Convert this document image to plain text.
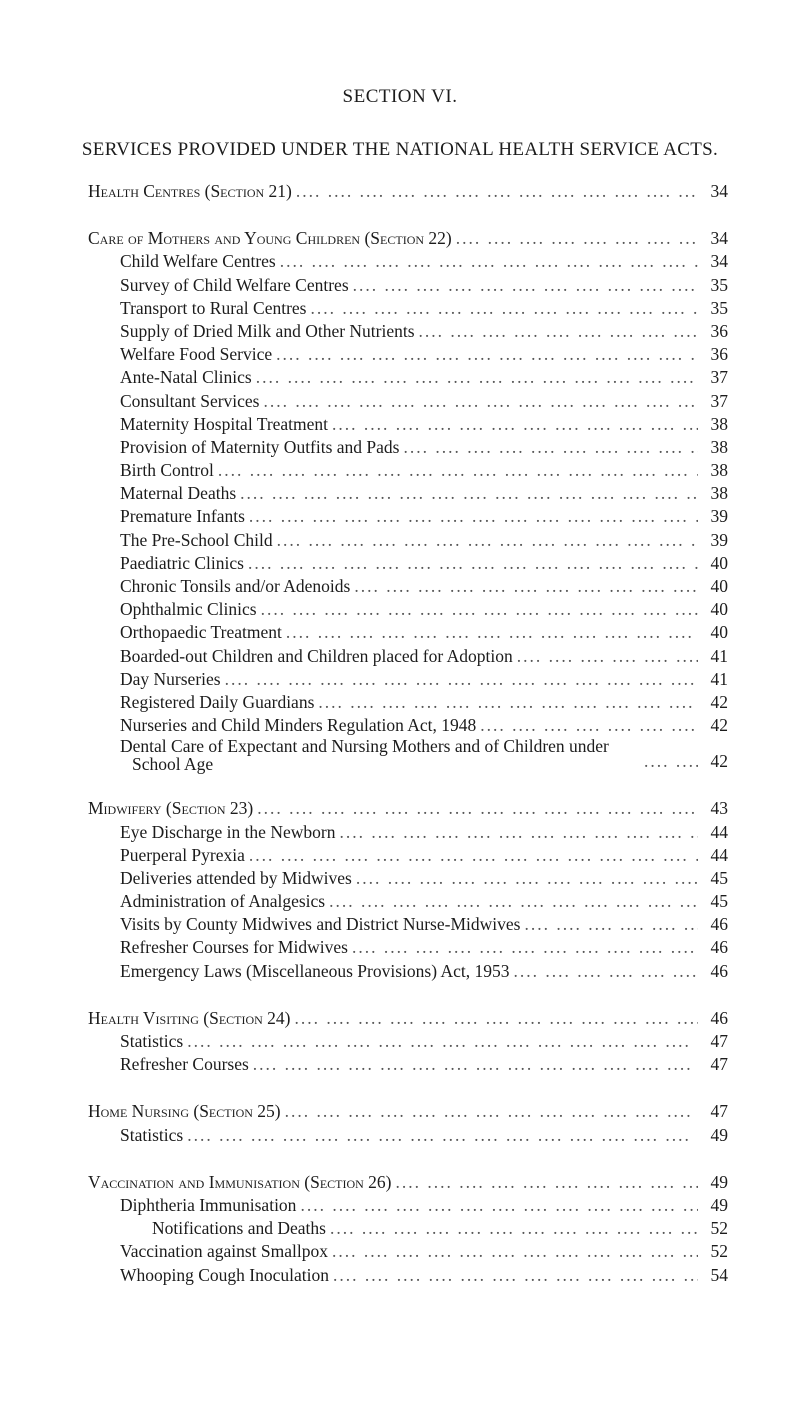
SECTION VI.
SERVICES PROVIDED UNDER THE NATIONAL HEALTH SERVICE ACTS.
Health Centres (Section 21) ....	34
Care of Mothers and Young Children (Section 22) ....	34
Child Welfare Centres ....	34
Survey of Child Welfare Centres ....	35
Transport to Rural Centres ....	35
Supply of Dried Milk and Other Nutrients ....	36
Welfare Food Service ....	36
Ante-Natal Clinics ....	37
Consultant Services ....	37
Maternity Hospital Treatment ....	38
Provision of Maternity Outfits and Pads ....	38
Birth Control ....	38
Maternal Deaths ....	38
Premature Infants ....	39
The Pre-School Child ....	39
Paediatric Clinics ....	40
Chronic Tonsils and/or Adenoids ....	40
Ophthalmic Clinics ....	40
Orthopaedic Treatment ....	40
Boarded-out Children and Children placed for Adoption ....	41
Day Nurseries ....	41
Registered Daily Guardians ....	42
Nurseries and Child Minders Regulation Act, 1948 ....	42
Dental Care of Expectant and Nursing Mothers and of Children under
School Age ....	42
Midwifery (Section 23) ....	43
Eye Discharge in the Newborn ....	44
Puerperal Pyrexia ....	44
Deliveries attended by Midwives ....	45
Administration of Analgesics ....	45
Visits by County Midwives and District Nurse-Midwives ....	46
Refresher Courses for Midwives ....	46
Emergency Laws (Miscellaneous Provisions) Act, 1953 ....	46
Health Visiting (Section 24) ....	46
Statistics ....	47
Refresher Courses ....	47
Home Nursing (Section 25) ....	47
Statistics ....	49
Vaccination and Immunisation (Section 26) ....	49
Diphtheria Immunisation ....	49
Notifications and Deaths ....	52
Vaccination against Smallpox ....	52
Whooping Cough Inoculation ....	54
